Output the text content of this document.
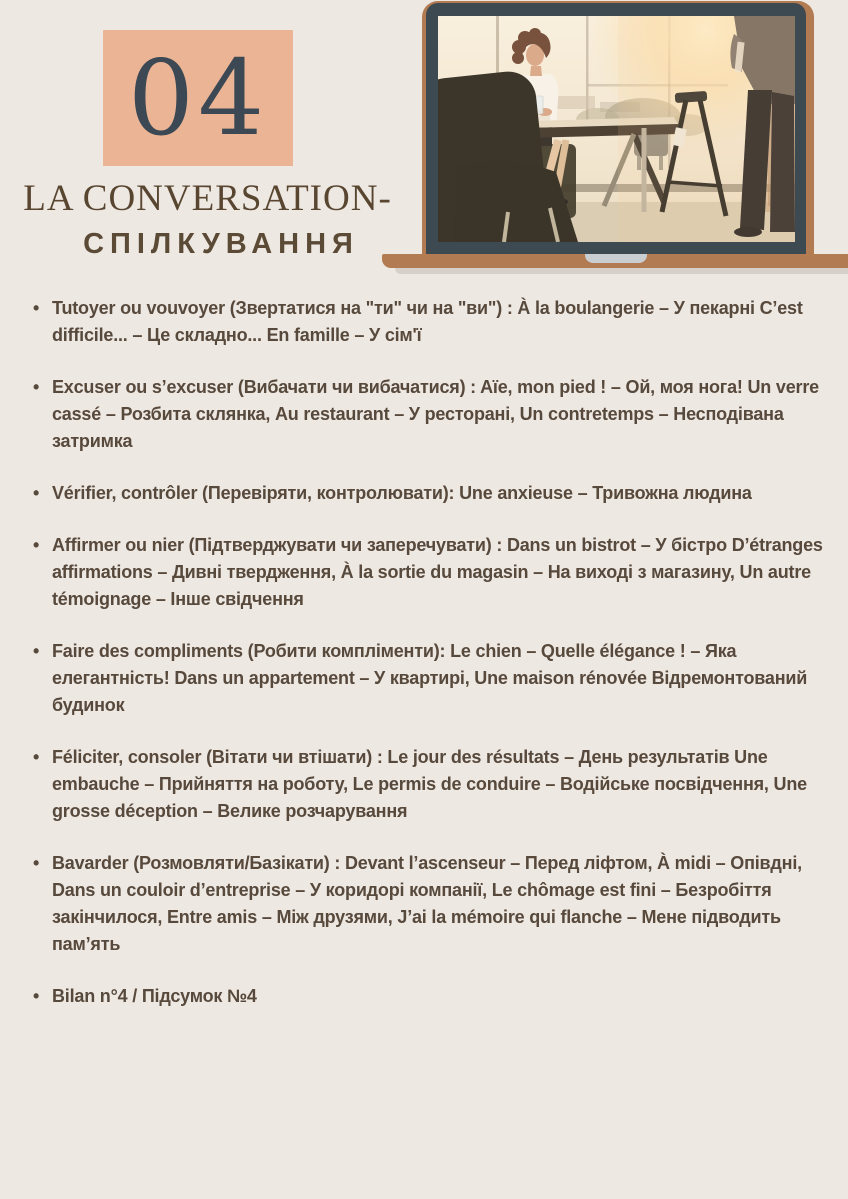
04
LA CONVERSATION-
СПІЛКУВАННЯ
• Tutoyer ou vouvoyer (Звертатися на "ти" чи на "ви") : À la boulangerie – У пекарні C’est difficile... – Це складно... En famille – У сім'ї
• Excuser ou s’excuser (Вибачати чи вибачатися) : Aïe, mon pied ! – Ой, моя нога! Un verre cassé – Розбита склянка, Au restaurant – У ресторані, Un contretemps – Несподівана затримка
• Vérifier, contrôler (Перевіряти, контролювати): Une anxieuse – Тривожна людина
• Affirmer ou nier (Підтверджувати чи заперечувати) : Dans un bistrot – У бістро D’étranges affirmations – Дивні твердження, À la sortie du magasin – На виході з магазину, Un autre témoignage – Інше свідчення
• Faire des compliments (Робити компліменти): Le chien – Quelle élégance ! – Яка елегантність! Dans un appartement – У квартирі, Une maison rénovée Відремонтований будинок
• Féliciter, consoler (Вітати чи втішати) : Le jour des résultats – День результатів Une embauche – Прийняття на роботу, Le permis de conduire – Водійське посвідчення, Une grosse déception – Велике розчарування
• Bavarder (Розмовляти/Базікати) : Devant l’ascenseur – Перед ліфтом, À midi – Опівдні, Dans un couloir d’entreprise – У коридорі компанії, Le chômage est fini – Безробіття закінчилося, Entre amis – Між друзями, J’ai la mémoire qui flanche – Мене підводить пам’ять
• Bilan n°4 / Підсумок №4
